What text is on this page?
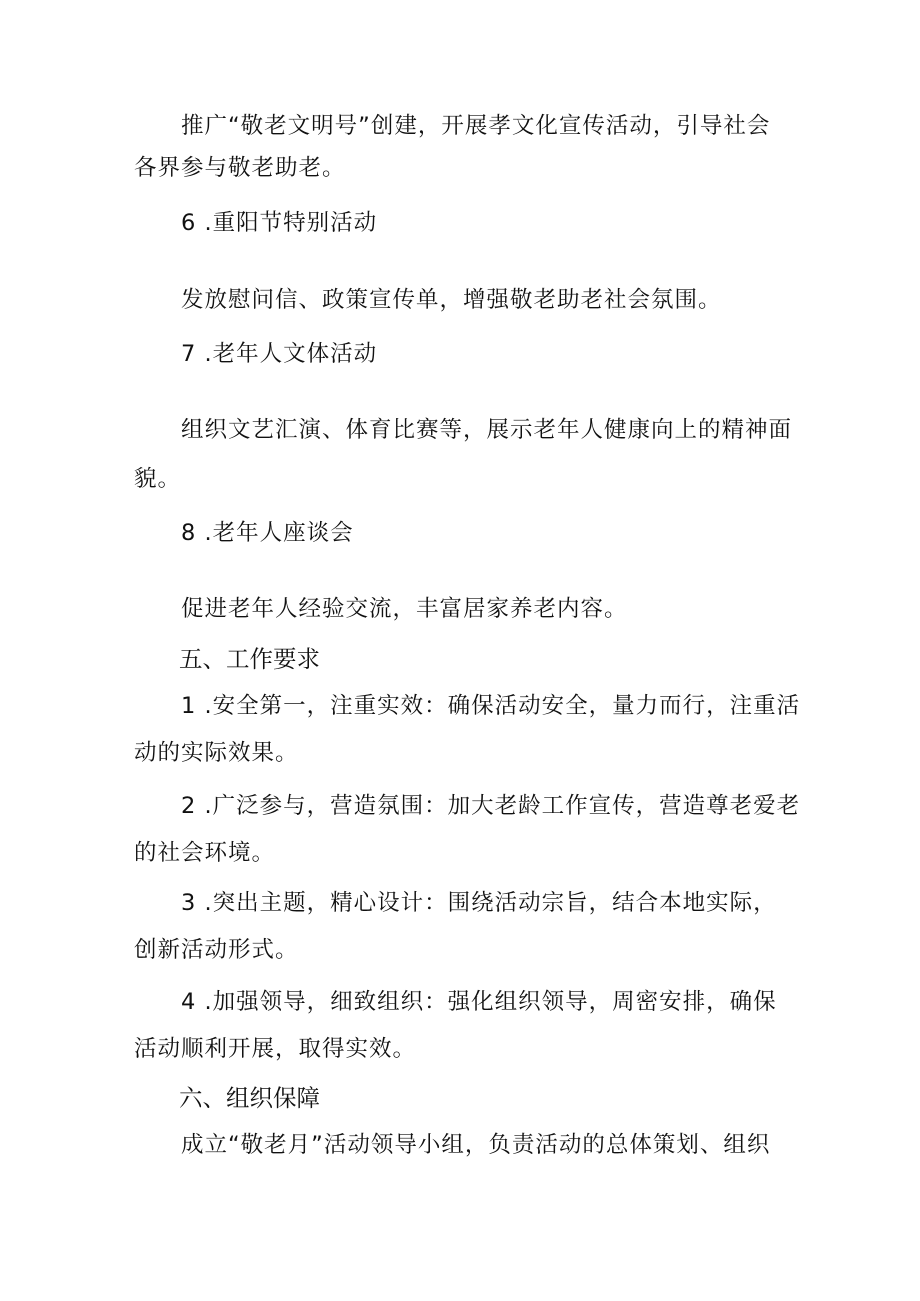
推广“敬老文明号”创建，开展孝文化宣传活动，引导社会
各界参与敬老助老。
6 .重阳节特别活动
发放慰问信、政策宣传单，增强敬老助老社会氛围。
7 .老年人文体活动
组织文艺汇演、体育比赛等，展示老年人健康向上的精神面
貌。
8 .老年人座谈会
促进老年人经验交流，丰富居家养老内容。
五、工作要求
1 .安全第一，注重实效：确保活动安全，量力而行，注重活
动的实际效果。
2 .广泛参与，营造氛围：加大老龄工作宣传，营造尊老爱老
的社会环境。
3 .突出主题，精心设计：围绕活动宗旨，结合本地实际，
创新活动形式。
4 .加强领导，细致组织：强化组织领导，周密安排，确保
活动顺利开展，取得实效。
六、组织保障
成立“敬老月”活动领导小组，负责活动的总体策划、组织
